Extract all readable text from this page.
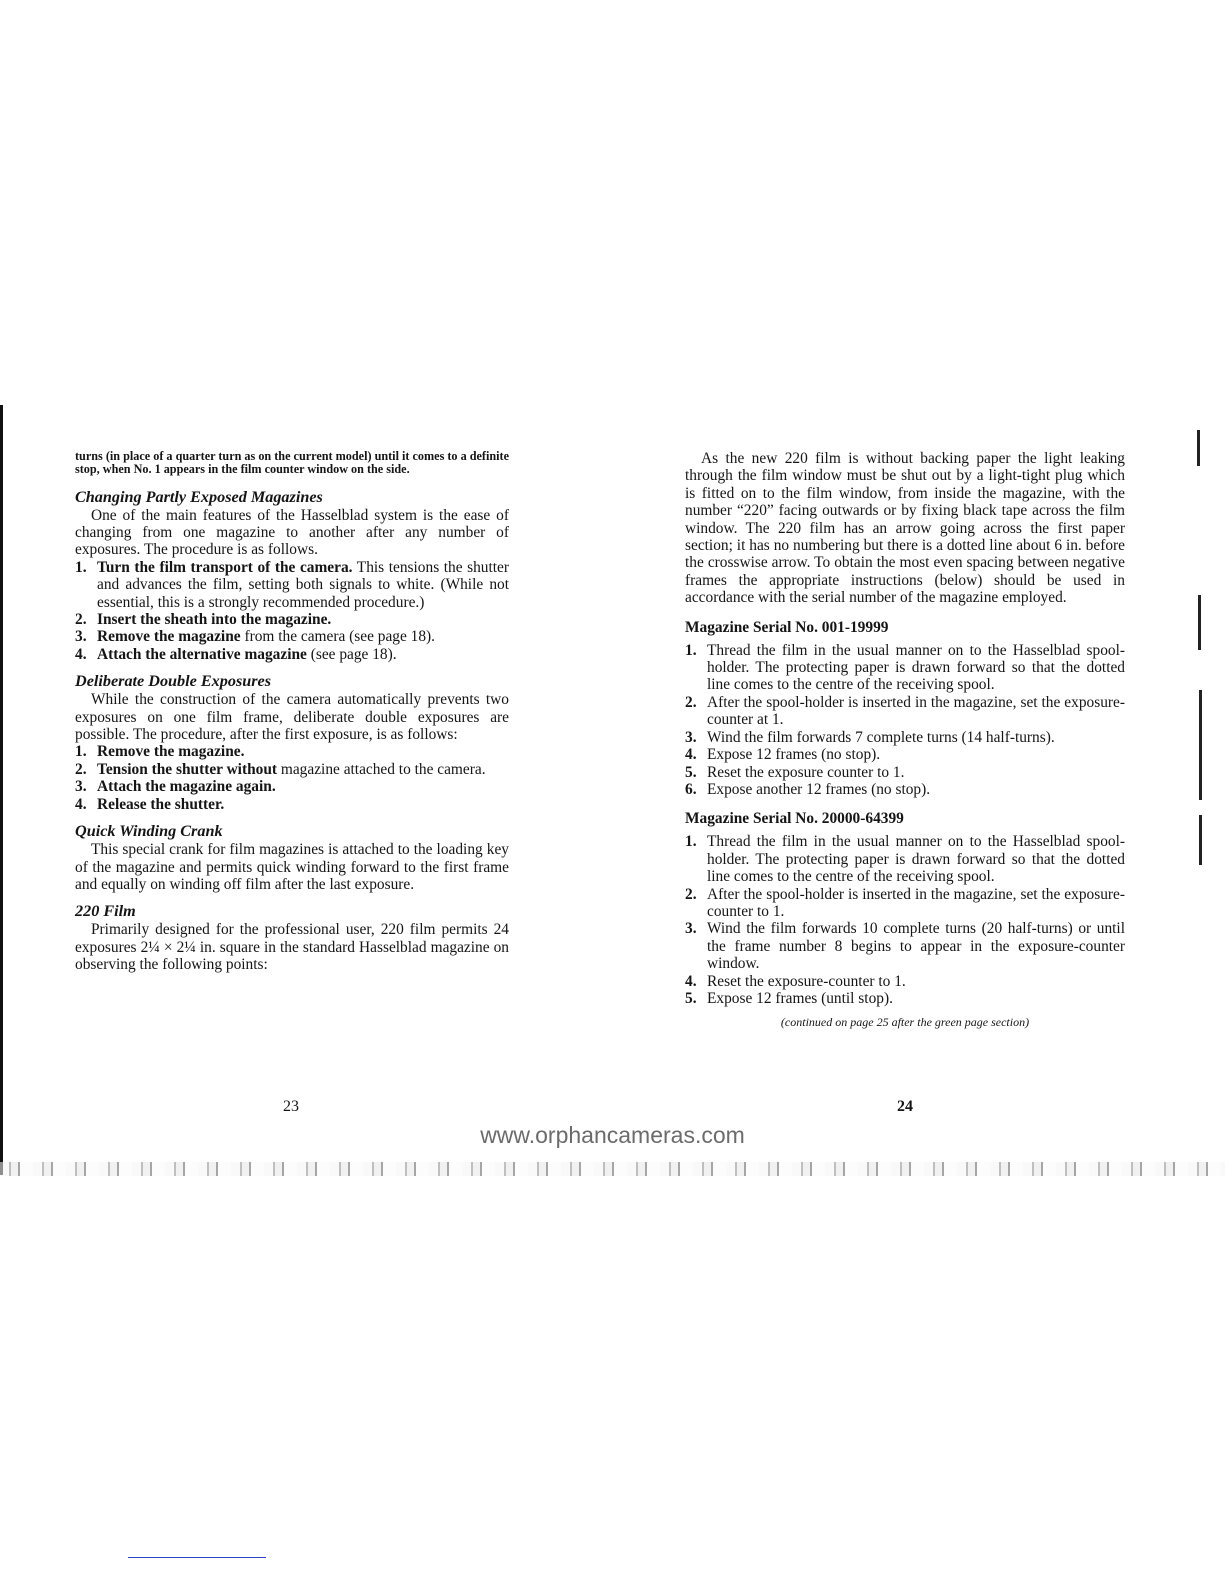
turns (in place of a quarter turn as on the current model) until it comes to a definite stop, when No. 1 appears in the film counter window on the side.

Changing Partly Exposed Magazines

One of the main features of the Hasselblad system is the ease of changing from one magazine to another after any number of exposures. The procedure is as follows.

1. Turn the film transport of the camera. This tensions the shutter and advances the film, setting both signals to white. (While not essential, this is a strongly recommended procedure.)
2. Insert the sheath into the magazine.
3. Remove the magazine from the camera (see page 18).
4. Attach the alternative magazine (see page 18).
Deliberate Double Exposures

While the construction of the camera automatically prevents two exposures on one film frame, deliberate double exposures are possible. The procedure, after the first exposure, is as follows:

1. Remove the magazine.
2. Tension the shutter without magazine attached to the camera.
3. Attach the magazine again.
4. Release the shutter.
Quick Winding Crank

This special crank for film magazines is attached to the loading key of the magazine and permits quick winding forward to the first frame and equally on winding off film after the last exposure.

220 Film

Primarily designed for the professional user, 220 film permits 24 exposures 2¼ × 2¼ in. square in the standard Hasselblad magazine on observing the following points:

23

As the new 220 film is without backing paper the light leaking through the film window must be shut out by a light-tight plug which is fitted on to the film window, from inside the magazine, with the number “220” facing outwards or by fixing black tape across the film window. The 220 film has an arrow going across the first paper section; it has no numbering but there is a dotted line about 6 in. before the crosswise arrow. To obtain the most even spacing between negative frames the appropriate instructions (below) should be used in accordance with the serial number of the magazine employed.

Magazine Serial No. 001-19999
1. Thread the film in the usual manner on to the Hasselblad spool-holder. The protecting paper is drawn forward so that the dotted line comes to the centre of the receiving spool.
2. After the spool-holder is inserted in the magazine, set the exposure-counter at 1.
3. Wind the film forwards 7 complete turns (14 half-turns).
4. Expose 12 frames (no stop).
5. Reset the exposure counter to 1.
6. Expose another 12 frames (no stop).
Magazine Serial No. 20000-64399
1. Thread the film in the usual manner on to the Hasselblad spool-holder. The protecting paper is drawn forward so that the dotted line comes to the centre of the receiving spool.
2. After the spool-holder is inserted in the magazine, set the exposure-counter to 1.
3. Wind the film forwards 10 complete turns (20 half-turns) or until the frame number 8 begins to appear in the exposure-counter window.
4. Reset the exposure-counter to 1.
5. Expose 12 frames (until stop).

(continued on page 25 after the green page section)

24
www.orphancameras.com
